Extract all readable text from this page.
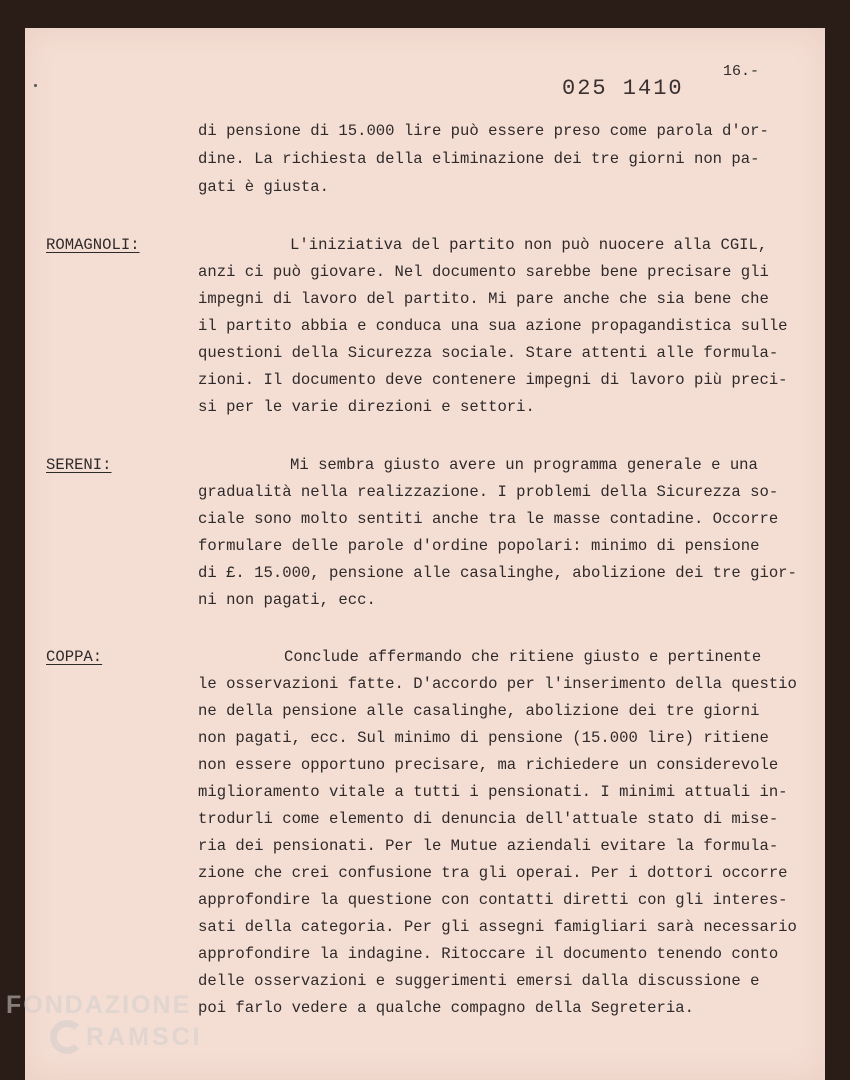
025 1410
16.-
di pensione di 15.000 lire può essere preso come parola d'or-
dine. La richiesta della eliminazione dei tre giorni non pa-
gati è giusta.
ROMAGNOLI:	L'iniziativa del partito non può nuocere alla CGIL,
anzi ci può giovare. Nel documento sarebbe bene precisare gli
impegni di lavoro del partito. Mi pare anche che sia bene che
il partito abbia e conduca una sua azione propagandistica sulle
questioni della Sicurezza sociale. Stare attenti alle formula-
zioni. Il documento deve contenere impegni di lavoro più preci-
si per le varie direzioni e settori.
SERENI:	Mi sembra giusto avere un programma generale e una
gradualità nella realizzazione. I problemi della Sicurezza so-
ciale sono molto sentiti anche tra le masse contadine. Occorre
formulare delle parole d'ordine popolari: minimo di pensione
di £. 15.000, pensione alle casalinghe, abolizione dei tre gior-
ni non pagati, ecc.
COPPA:	Conclude affermando che ritiene giusto e pertinente
le osservazioni fatte. D'accordo per l'inserimento della questio
ne della pensione alle casalinghe, abolizione dei tre giorni
non pagati, ecc. Sul minimo di pensione (15.000 lire) ritiene
non essere opportuno precisare, ma richiedere un considerevole
miglioramento vitale a tutti i pensionati. I minimi attuali in-
trodurli come elemento di denuncia dell'attuale stato di mise-
ria dei pensionati. Per le Mutue aziendali evitare la formula-
zione che crei confusione tra gli operai. Per i dottori occorre
approfondire la questione con contatti diretti con gli interes-
sati della categoria. Per gli assegni famigliari sarà necessario
approfondire la indagine. Ritoccare il documento tenendo conto
delle osservazioni e suggerimenti emersi dalla discussione e
poi farlo vedere a qualche compagno della Segreteria.
FONDAZIONE
RAMSCI
